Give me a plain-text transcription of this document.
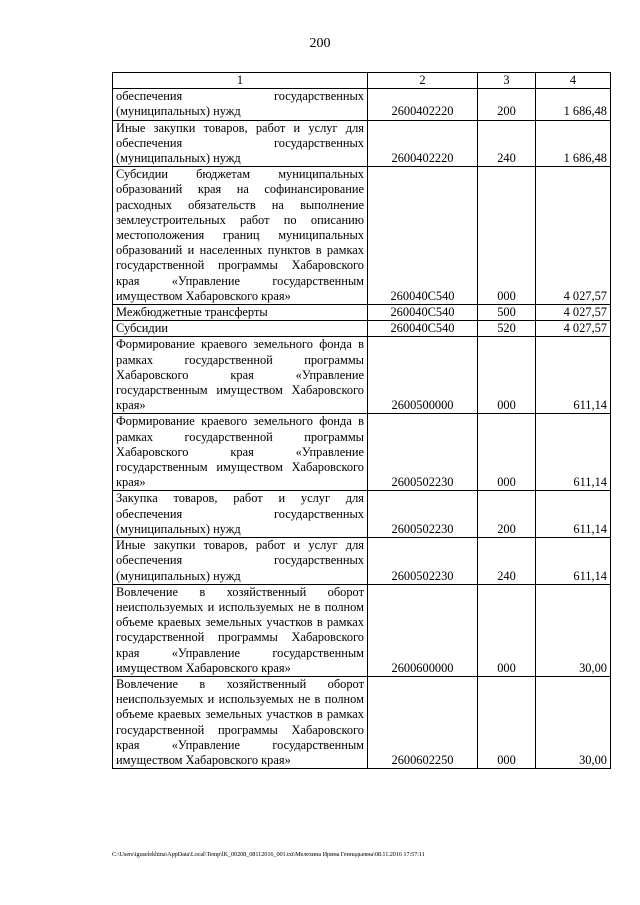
200
1	2	3	4
обеспечения государственных (муниципальных) нужд	2600402220	200	1 686,48
Иные закупки товаров, работ и услуг для обеспечения государственных (муниципальных) нужд	2600402220	240	1 686,48
Субсидии бюджетам муниципальных образований края на софинансирование расходных обязательств на выполнение землеустроительных работ по описанию местоположения границ муниципальных образований и населенных пунктов в рамках государственной программы Хабаровского края «Управление государственным имуществом Хабаровского края»	260040С540	000	4 027,57
Межбюджетные трансферты	260040С540	500	4 027,57
Субсидии	260040С540	520	4 027,57
Формирование краевого земельного фонда в рамках государственной программы Хабаровского края «Управление государственным имуществом Хабаровского края»	2600500000	000	611,14
Формирование краевого земельного фонда в рамках государственной программы Хабаровского края «Управление государственным имуществом Хабаровского края»	2600502230	000	611,14
Закупка товаров, работ и услуг для обеспечения государственных (муниципальных) нужд	2600502230	200	611,14
Иные закупки товаров, работ и услуг для обеспечения государственных (муниципальных) нужд	2600502230	240	611,14
Вовлечение в хозяйственный оборот неиспользуемых и используемых не в полном объеме краевых земельных участков в рамках государственной программы Хабаровского края «Управление государственным имуществом Хабаровского края»	2600600000	000	30,00
Вовлечение в хозяйственный оборот неиспользуемых и используемых не в полном объеме краевых земельных участков в рамках государственной программы Хабаровского края «Управление государственным имуществом Хабаровского края»	2600602250	000	30,00
C:\Users\iguselekhina\AppData\Local\Temp\lK_00208_08112016_001.txt\Мелехина Ирина Геннадьевна\08.11.2016 17:57:11
